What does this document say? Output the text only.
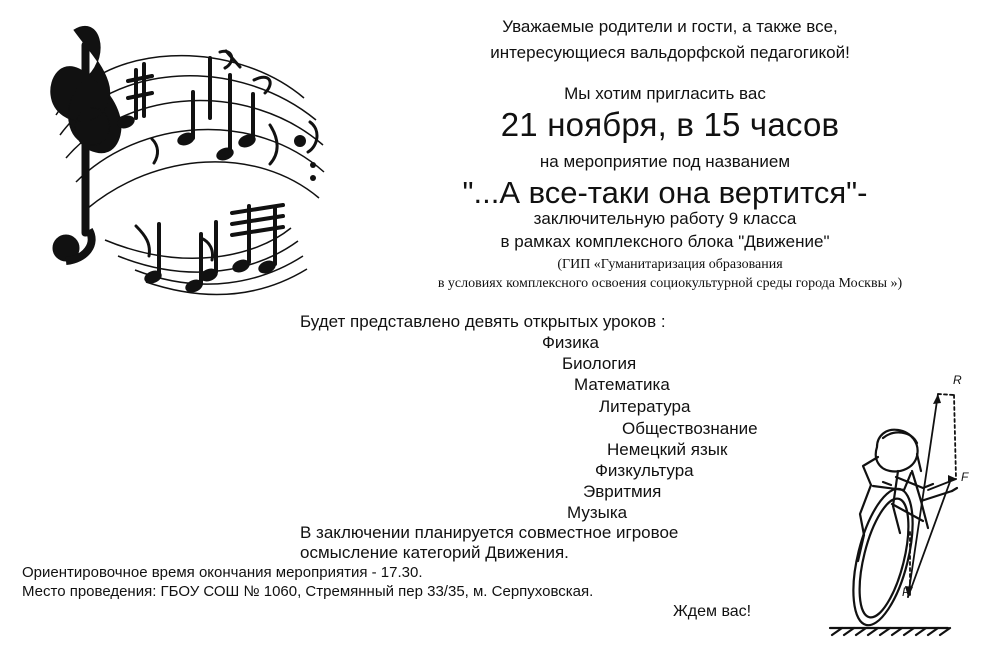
Уважаемые родители и гости, а также все,
интересующиеся вальдорфской педагогикой!
Мы хотим пригласить вас
21 ноября, в 15 часов
на мероприятие под названием
"...А все-таки она вертится"-
заключительную работу 9 класса
в рамках комплексного блока "Движение"
(ГИП «Гуманитаризация образования
в условиях комплексного освоения социокультурной среды города Москвы »)
Будет представлено девять открытых уроков :
Физика
Биология
Математика
Литература
Обществознание
Немецкий язык
Физкультура
Эвритмия
Музыка
В заключении планируется совместное игровое
осмысление категорий Движения.
Ориентировочное время окончания мероприятия - 17.30.
Место проведения: ГБОУ СОШ № 1060, Стремянный пер 33/35, м. Серпуховская.
Ждем вас!
R
F
P
